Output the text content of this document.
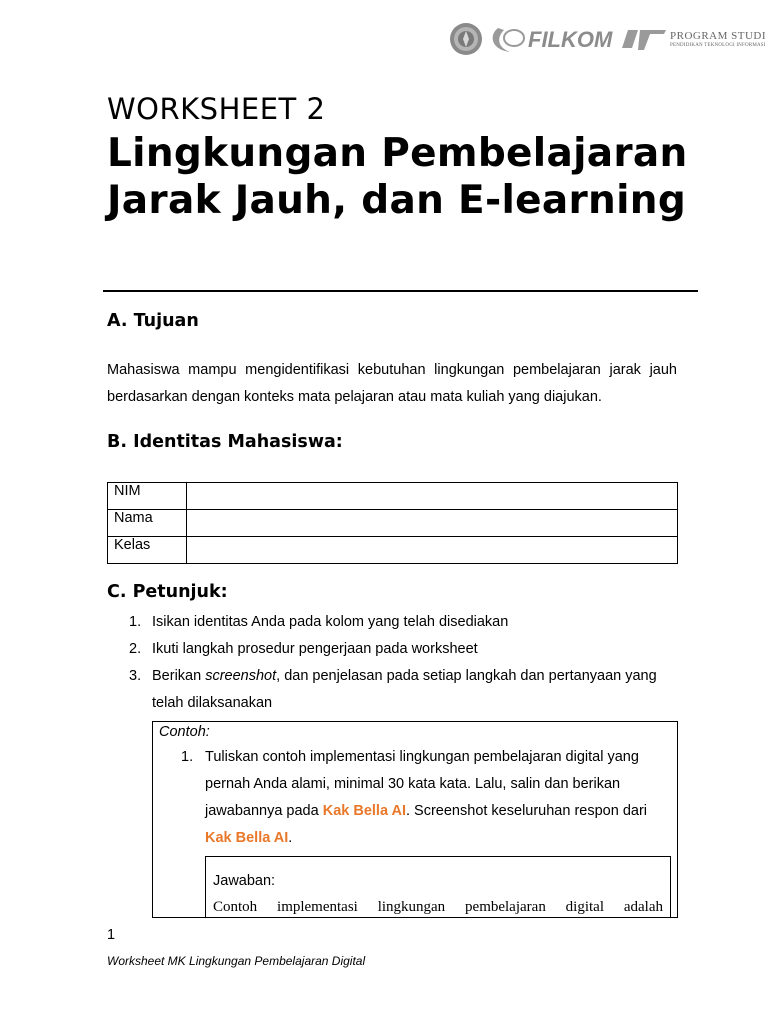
FILKOM	PROGRAM STUDI
PENDIDIKAN TEKNOLOGI INFORMASI
WORKSHEET 2
Lingkungan Pembelajaran Jarak Jauh, dan E-learning
A. Tujuan
Mahasiswa mampu mengidentifikasi kebutuhan lingkungan pembelajaran jarak jauh berdasarkan dengan konteks mata pelajaran atau mata kuliah yang diajukan.
B. Identitas Mahasiswa:
NIM	
Nama	
Kelas	
C. Petunjuk:
1. Isikan identitas Anda pada kolom yang telah disediakan
2. Ikuti langkah prosedur pengerjaan pada worksheet
3. Berikan screenshot, dan penjelasan pada setiap langkah dan pertanyaan yang telah dilaksanakan
Contoh:
1. Tuliskan contoh implementasi lingkungan pembelajaran digital yang pernah Anda alami, minimal 30 kata kata. Lalu, salin dan berikan jawabannya pada Kak Bella AI. Screenshot keseluruhan respon dari Kak Bella AI.
Jawaban:
Contoh implementasi lingkungan pembelajaran digital adalah
1
Worksheet MK Lingkungan Pembelajaran Digital
